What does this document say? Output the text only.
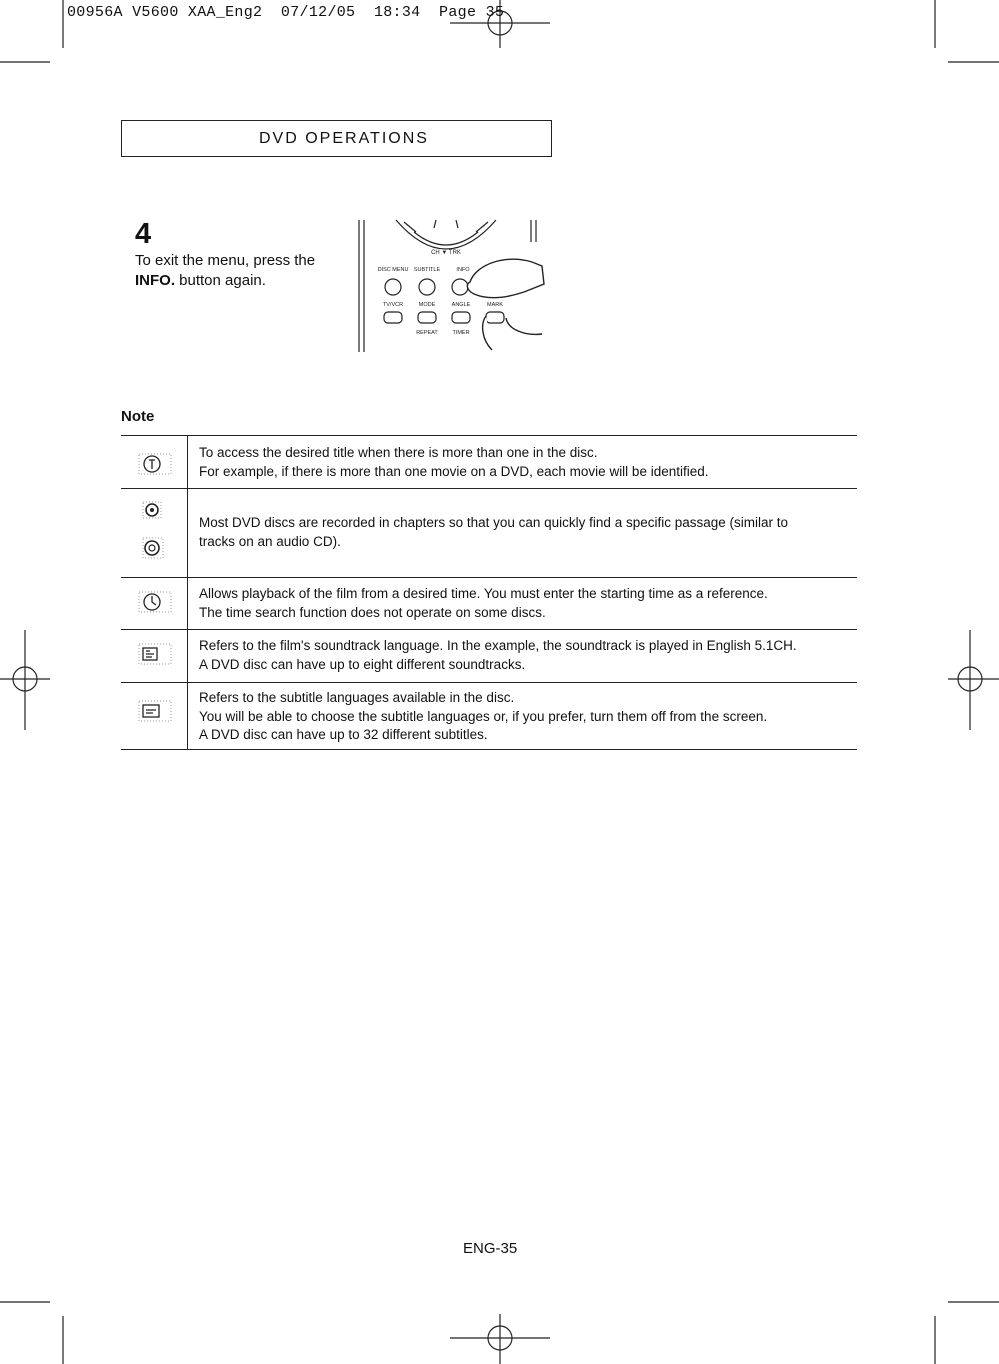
00956A V5600 XAA_Eng2  07/12/05  18:34  Page 35
DVD OPERATIONS
4
To exit the menu, press the
INFO. button again.
CH ▼ TRK
DISC MENU SUBTITLE	INFO
TV/VCR	MODE	ANGLE	MARK
REPEAT	TIMER
Note
To access the desired title when there is more than one in the disc.
For example, if there is more than one movie on a DVD, each movie will be identified.
Most DVD discs are recorded in chapters so that you can quickly find a specific passage (similar to
tracks on an audio CD).
Allows playback of the film from a desired time. You must enter the starting time as a reference.
The time search function does not operate on some discs.
Refers to the film's soundtrack language. In the example, the soundtrack is played in English 5.1CH.
A DVD disc can have up to eight different soundtracks.
Refers to the subtitle languages available in the disc.
You will be able to choose the subtitle languages or, if you prefer, turn them off from the screen.
A DVD disc can have up to 32 different subtitles.
ENG-35
